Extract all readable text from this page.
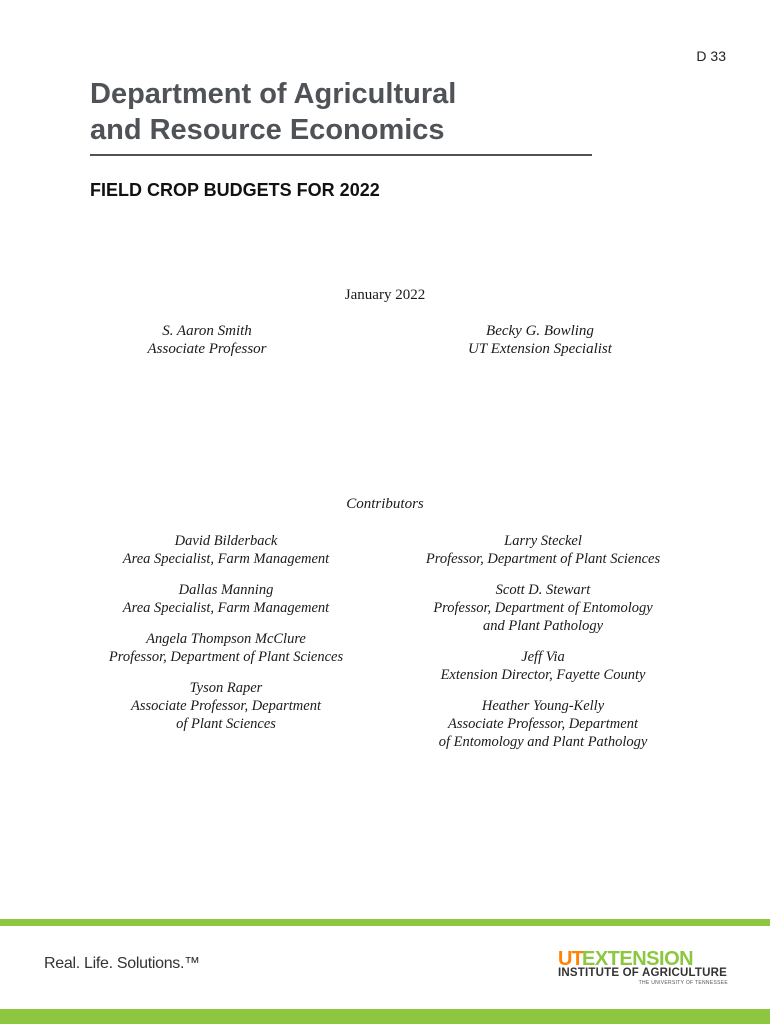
D 33
Department of Agricultural
and Resource Economics
FIELD CROP BUDGETS FOR 2022
January 2022
S. Aaron Smith
Associate Professor
Becky G. Bowling
UT Extension Specialist
Contributors
David Bilderback
Area Specialist, Farm Management
Dallas Manning
Area Specialist, Farm Management
Angela Thompson McClure
Professor, Department of Plant Sciences
Tyson Raper
Associate Professor, Department
of Plant Sciences
Larry Steckel
Professor, Department of Plant Sciences
Scott D. Stewart
Professor, Department of Entomology
and Plant Pathology
Jeff Via
Extension Director, Fayette County
Heather Young-Kelly
Associate Professor, Department
of Entomology and Plant Pathology
Real. Life. Solutions.™	UT EXTENSION
INSTITUTE OF AGRICULTURE
THE UNIVERSITY OF TENNESSEE
